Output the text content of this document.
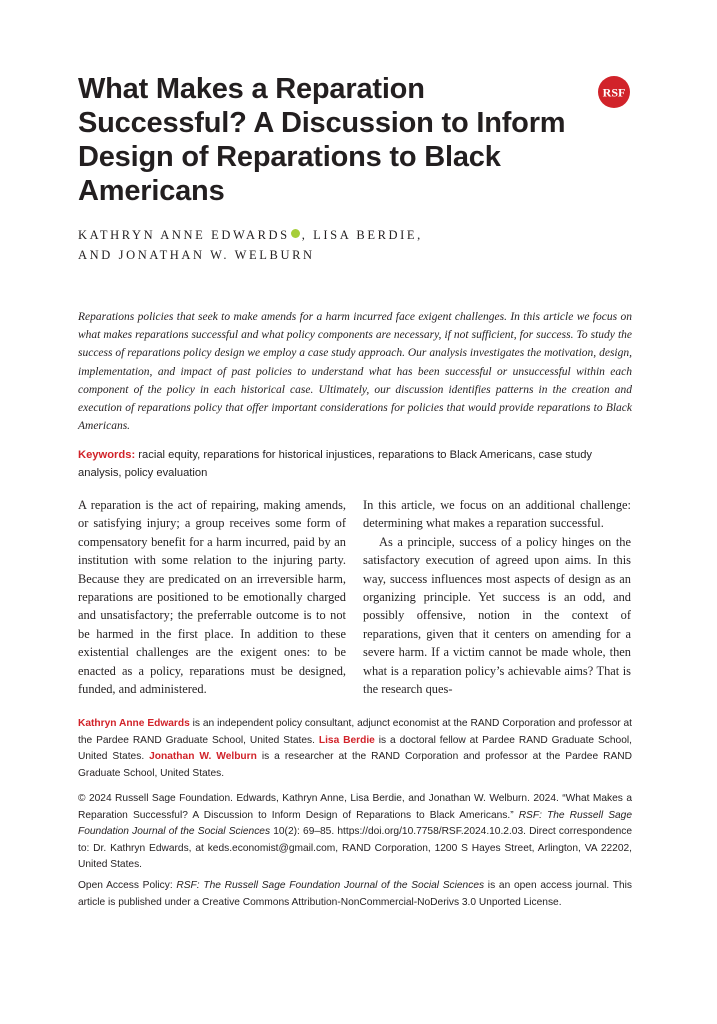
What Makes a Reparation Successful? A Discussion to Inform Design of Reparations to Black Americans
RSF
KATHRYN ANNE EDWARDS , LISA BERDIE,
AND JONATHAN W. WELBURN
Reparations policies that seek to make amends for a harm incurred face exigent challenges. In this article we focus on what makes reparations successful and what policy components are necessary, if not sufficient, for success. To study the success of reparations policy design we employ a case study approach. Our analysis investigates the motivation, design, implementation, and impact of past policies to understand what has been successful or unsuccessful within each component of the policy in each historical case. Ultimately, our discussion identifies patterns in the creation and execution of reparations policy that offer important considerations for policies that would provide reparations to Black Americans.
Keywords: racial equity, reparations for historical injustices, reparations to Black Americans, case study analysis, policy evaluation

A reparation is the act of repairing, making amends, or satisfying injury; a group receives some form of compensatory benefit for a harm incurred, paid by an institution with some relation to the injuring party. Because they are predicated on an irreversible harm, reparations are positioned to be emotionally charged and unsatisfactory; the preferrable outcome is to not be harmed in the first place. In addition to these existential challenges are the exigent ones: to be enacted as a policy, reparations must be designed, funded, and administered.

In this article, we focus on an additional challenge: determining what makes a reparation successful.

As a principle, success of a policy hinges on the satisfactory execution of agreed upon aims. In this way, success influences most aspects of design as an organizing principle. Yet success is an odd, and possibly offensive, notion in the context of reparations, given that it centers on amending for a severe harm. If a victim cannot be made whole, then what is a reparation policy’s achievable aims? That is the research ques-

Kathryn Anne Edwards is an independent policy consultant, adjunct economist at the RAND Corporation and professor at the Pardee RAND Graduate School, United States. Lisa Berdie is a doctoral fellow at Pardee RAND Graduate School, United States. Jonathan W. Welburn is a researcher at the RAND Corporation and professor at the Pardee RAND Graduate School, United States.
© 2024 Russell Sage Foundation. Edwards, Kathryn Anne, Lisa Berdie, and Jonathan W. Welburn. 2024. “What Makes a Reparation Successful? A Discussion to Inform Design of Reparations to Black Americans.” RSF: The Russell Sage Foundation Journal of the Social Sciences 10(2): 69–85. https://doi.org/10.7758/RSF.2024.10.2.03. Direct correspondence to: Dr. Kathryn Edwards, at keds.economist@gmail.com, RAND Corporation, 1200 S Hayes Street, Arlington, VA 22202, United States.
Open Access Policy: RSF: The Russell Sage Foundation Journal of the Social Sciences is an open access journal. This article is published under a Creative Commons Attribution-NonCommercial-NoDerivs 3.0 Unported License.
